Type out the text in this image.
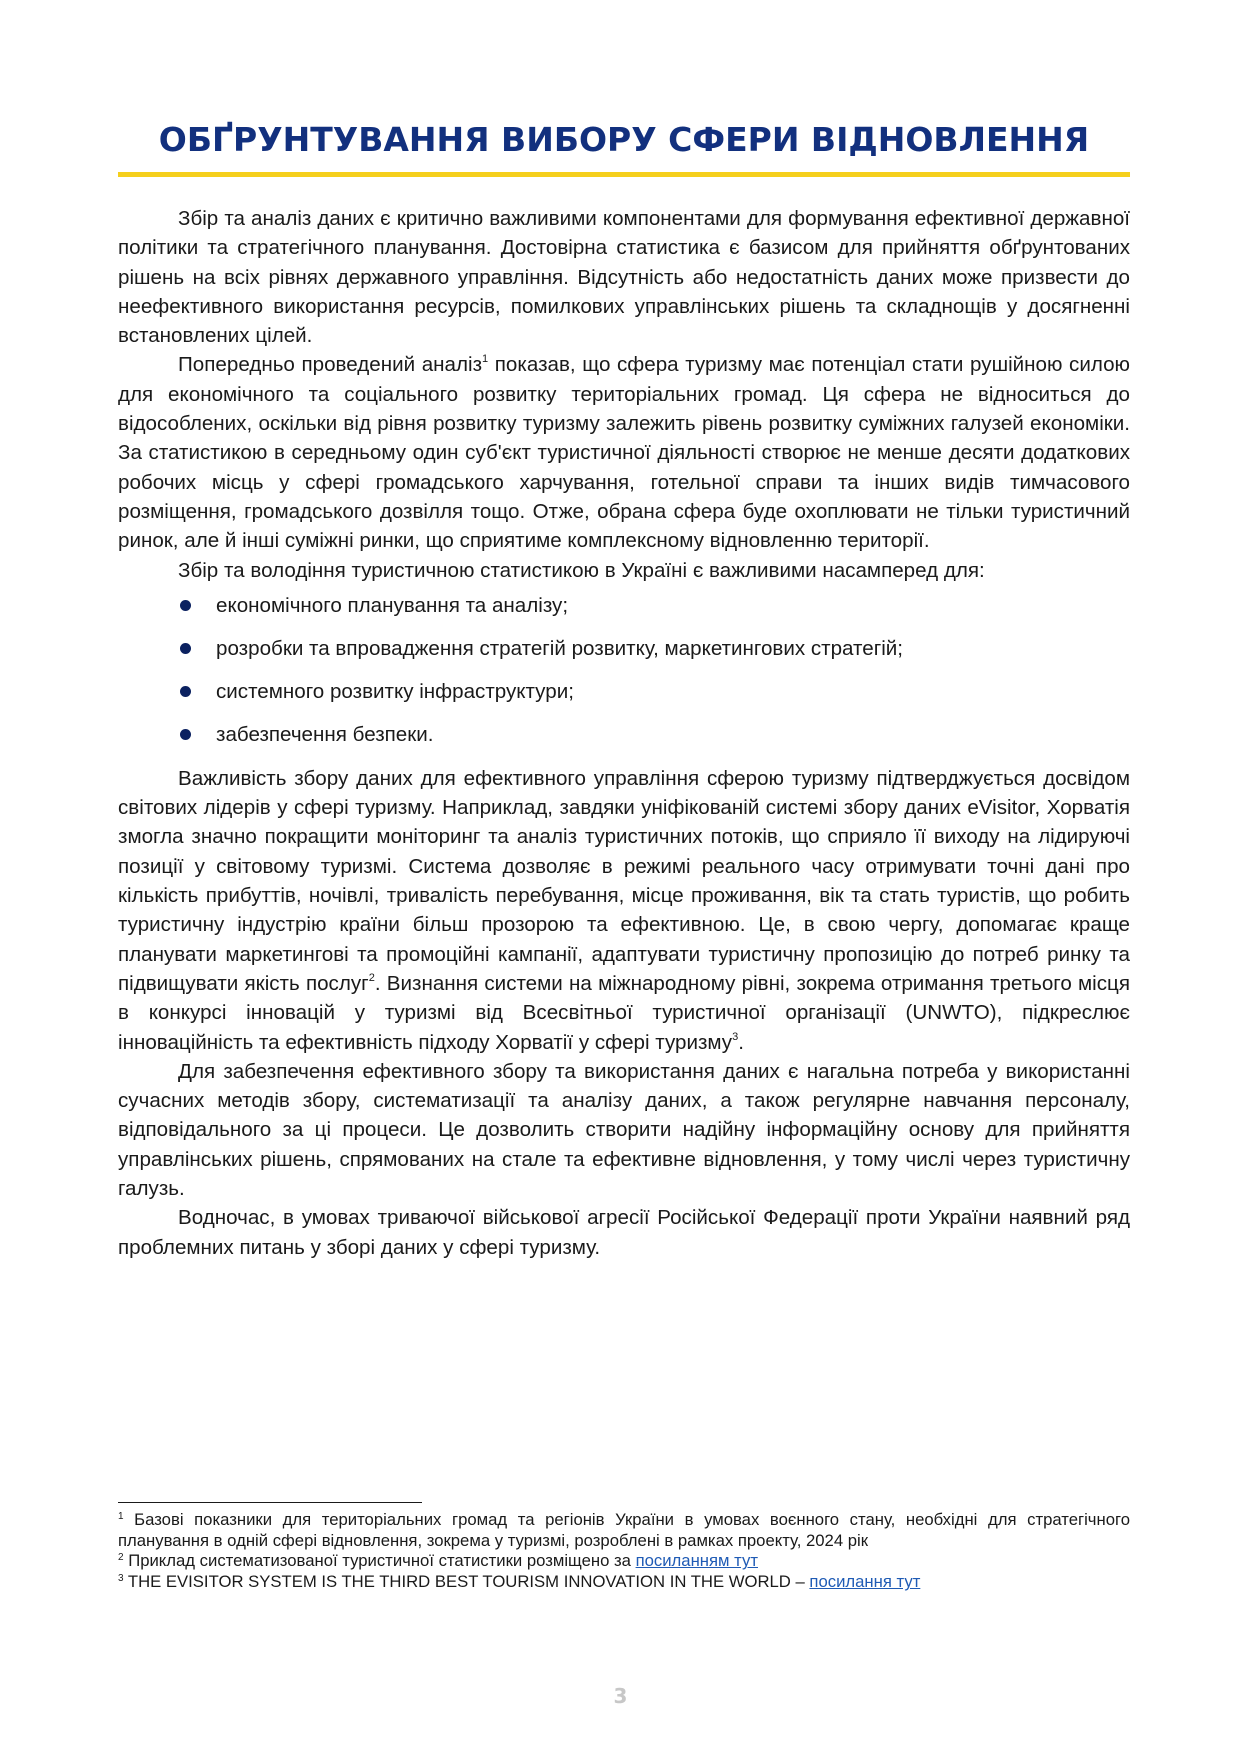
ОБҐРУНТУВАННЯ ВИБОРУ СФЕРИ ВІДНОВЛЕННЯ

Збір та аналіз даних є критично важливими компонентами для формування ефективної державної політики та стратегічного планування. Достовірна статистика є базисом для прийняття обґрунтованих рішень на всіх рівнях державного управління. Відсутність або недостатність даних може призвести до неефективного використання ресурсів, помилкових управлінських рішень та складнощів у досягненні встановлених цілей.

Попередньо проведений аналіз$^1$ показав, що сфера туризму має потенціал стати рушійною силою для економічного та соціального розвитку територіальних громад. Ця сфера не відноситься до відособлених, оскільки від рівня розвитку туризму залежить рівень розвитку суміжних галузей економіки. За статистикою в середньому один суб'єкт туристичної діяльності створює не менше десяти додаткових робочих місць у сфері громадського харчування, готельної справи та інших видів тимчасового розміщення, громадського дозвілля тощо. Отже, обрана сфера буде охоплювати не тільки туристичний ринок, але й інші суміжні ринки, що сприятиме комплексному відновленню території.

Збір та володіння туристичною статистикою в Україні є важливими насамперед для:

економічного планування та аналізу;
розробки та впровадження стратегій розвитку, маркетингових стратегій;
системного розвитку інфраструктури;
забезпечення безпеки.

Важливість збору даних для ефективного управління сферою туризму підтверджується досвідом світових лідерів у сфері туризму. Наприклад, завдяки уніфікованій системі збору даних eVisitor, Хорватія змогла значно покращити моніторинг та аналіз туристичних потоків, що сприяло її виходу на лідируючі позиції у світовому туризмі. Система дозволяє в режимі реального часу отримувати точні дані про кількість прибуттів, ночівлі, тривалість перебування, місце проживання, вік та стать туристів, що робить туристичну індустрію країни більш прозорою та ефективною. Це, в свою чергу, допомагає краще планувати маркетингові та промоційні кампанії, адаптувати туристичну пропозицію до потреб ринку та підвищувати якість послуг$^2$. Визнання системи на міжнародному рівні, зокрема отримання третього місця в конкурсі інновацій у туризмі від Всесвітньої туристичної організації (UNWTO), підкреслює інноваційність та ефективність підходу Хорватії у сфері туризму$^3$.

Для забезпечення ефективного збору та використання даних є нагальна потреба у використанні сучасних методів збору, систематизації та аналізу даних, а також регулярне навчання персоналу, відповідального за ці процеси. Це дозволить створити надійну інформаційну основу для прийняття управлінських рішень, спрямованих на стале та ефективне відновлення, у тому числі через туристичну галузь.

Водночас, в умовах триваючої військової агресії Російської Федерації проти України наявний ряд проблемних питань у зборі даних у сфері туризму.

$^1$ Базові показники для територіальних громад та регіонів України в умовах воєнного стану, необхідні для стратегічного планування в одній сфері відновлення, зокрема у туризмі, розроблені в рамках проекту, 2024 рік

$^2$ Приклад систематизованої туристичної статистики розміщено за посиланням тут

$^3$ THE EVISITOR SYSTEM IS THE THIRD BEST TOURISM INNOVATION IN THE WORLD – посилання тут

3
